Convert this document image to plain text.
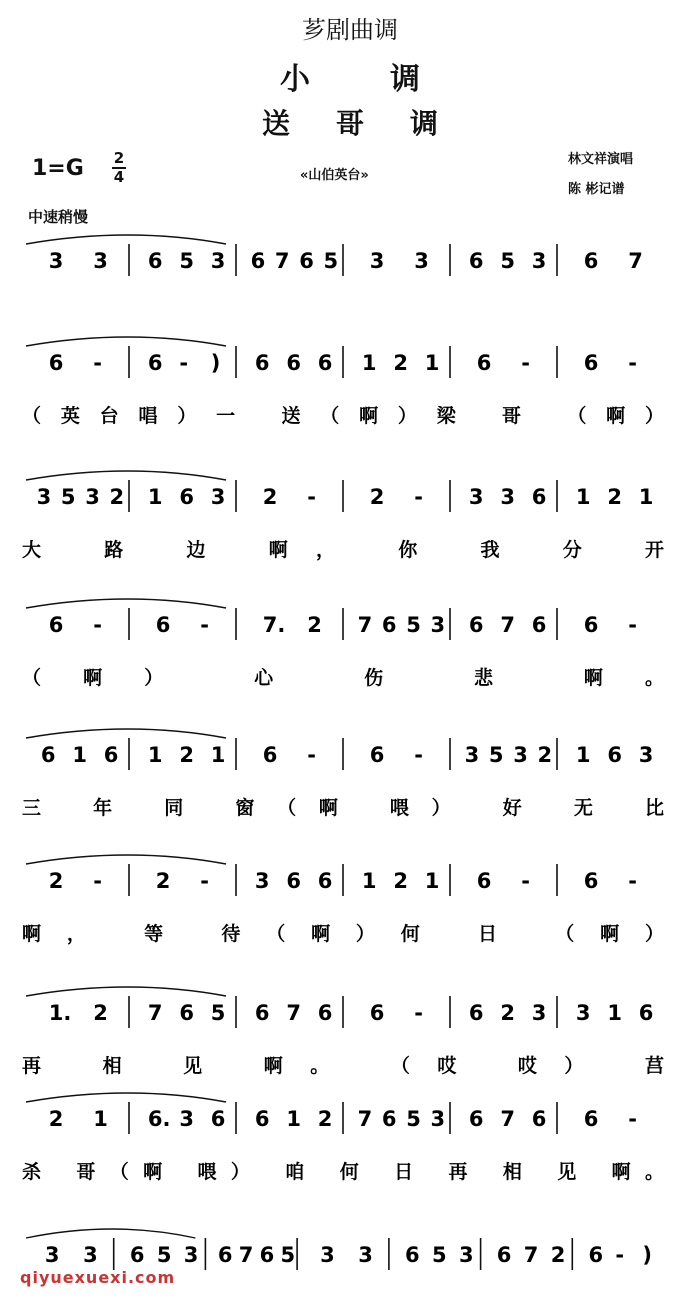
芗剧曲调
小调
送哥调
1=G 2
4	«山伯英台»
林文祥演唱
陈 彬记谱
中速稍慢
3 3 6 5 3 6 7 6 5 3 3 6 5 3 6 7
6 - 6 - ) 6 6 6 1 2 1 6 -	6 -
（英台唱）一 送（啊）梁 哥 （啊）
3 5 3 2 1 6 3 2 -	2 - 3 3 6 1 2 1
大 路 边 啊， 你 我 分 开
6 -	6 -	7. 2 7 6 5 3 6 7 6 6 -
（啊） 心 伤 悲 啊。
6 1 6 1 2 1 6 -	6 - 3 5 3 2 1 6 3
三 年 同 窗（啊 喂） 好 无 比
2 -	2 - 3 6 6 1 2 1 6 -	6 -
啊， 等 待（啊）何 日 （啊）
1. 2 7 6 5 6 7 6 6 - 6 2 3 3 1 6
再 相 见 啊。 （哎 哎） 莒
2 1 6. 3 6 6 1 2 7 6 5 3 6 7 6 6 -
杀 哥（啊 喂） 咱 何 日 再 相 见 啊。
3 3 6 5 3 6 7 6 5 3 3 6 5 3 6 7 2 6 - )
qiyuexuexi.com
